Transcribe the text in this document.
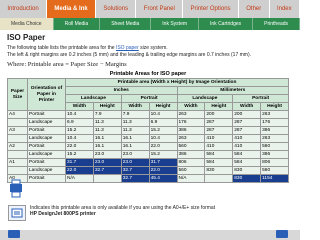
Introduction	Media & Ink	Solutions	Front Panel	Printer Options	Other	Index
Media Choice	Roll Media	Sheet Media	Ink System	Ink Cartridges	Printheads
ISO Paper
The following table lists the printable area for the ISO paper size system.
The left & right margins are 0.2 inches (5 mm) and the leading & trailing edge margins are 0.7 inches (17 mm).
Where: Printable area = Paper Size − Margins
Printable Areas for ISO paper
Paper Size	Orientation of Paper in Printer	Printable area (Width x Height) by Image Orientation							
		Inches				Millimeters			
		Landscape		Portrait		Landscape		Portrait	
		Width	Height	Width	Height	Width	Height	Width	Height
A4	Portrait	10.4	7.9	7.9	10.4	263	200	200	263
	Landscape	6.9	11.3	11.3	6.9	176	287	287	176
A3	Portrait	15.2	11.3	11.3	15.2	386	287	287	386
	Landscape	10.4	16.1	16.1	10.4	263	410	410	263
A2	Portrait	22.0	16.1	16.1	22.0	560	410	410	560
	Landscape	15.2	23.0	23.0	15.2	386	584	584	386
A1	Portrait	31.7	23.0	23.0	31.7	806	584	584	806
	Landscape	22.0	32.7	32.7	22.0	560	830	830	560
A0	Portrait	N/A		32.7	45.4	N/A		830	1154
Indicates this printable area is only available if you are using the A0+/E+ size format
HP DesignJet 800PS printer
